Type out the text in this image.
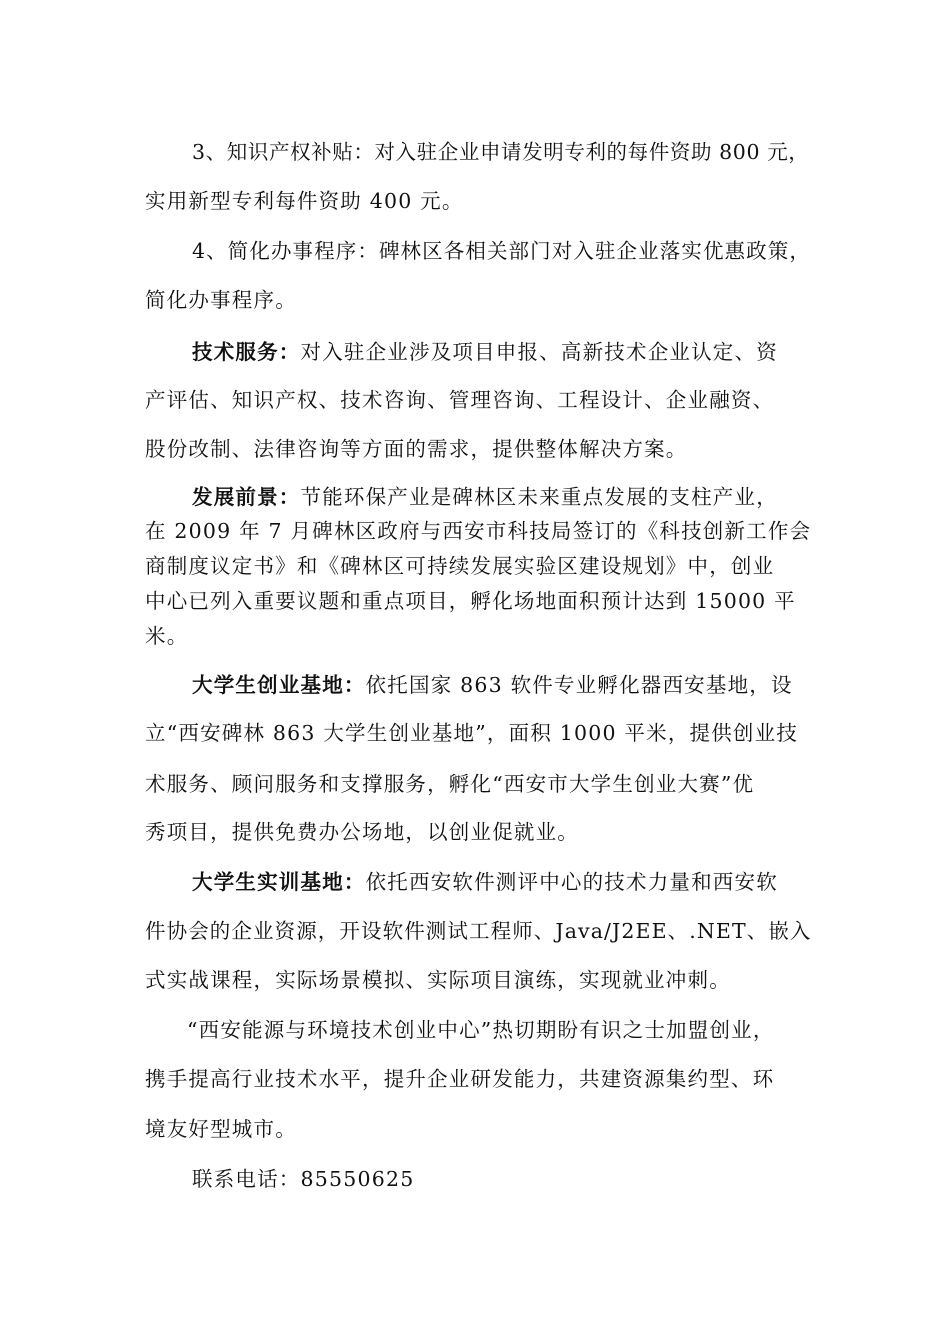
3、知识产权补贴：对入驻企业申请发明专利的每件资助 800 元，
实用新型专利每件资助 400 元。
4、简化办事程序：碑林区各相关部门对入驻企业落实优惠政策，
简化办事程序。
技术服务：对入驻企业涉及项目申报、高新技术企业认定、资
产评估、知识产权、技术咨询、管理咨询、工程设计、企业融资、
股份改制、法律咨询等方面的需求，提供整体解决方案。
发展前景：节能环保产业是碑林区未来重点发展的支柱产业，
在 2009 年 7 月碑林区政府与西安市科技局签订的《科技创新工作会
商制度议定书》和《碑林区可持续发展实验区建设规划》中，创业
中心已列入重要议题和重点项目，孵化场地面积预计达到 15000 平
米。
大学生创业基地：依托国家 863 软件专业孵化器西安基地，设
立“西安碑林 863 大学生创业基地”，面积 1000 平米，提供创业技
术服务、顾问服务和支撑服务，孵化“西安市大学生创业大赛”优
秀项目，提供免费办公场地，以创业促就业。
大学生实训基地：依托西安软件测评中心的技术力量和西安软
件协会的企业资源，开设软件测试工程师、Java/J2EE、.NET、嵌入
式实战课程，实际场景模拟、实际项目演练，实现就业冲刺。
“西安能源与环境技术创业中心”热切期盼有识之士加盟创业，
携手提高行业技术水平，提升企业研发能力，共建资源集约型、环
境友好型城市。
联系电话：85550625
